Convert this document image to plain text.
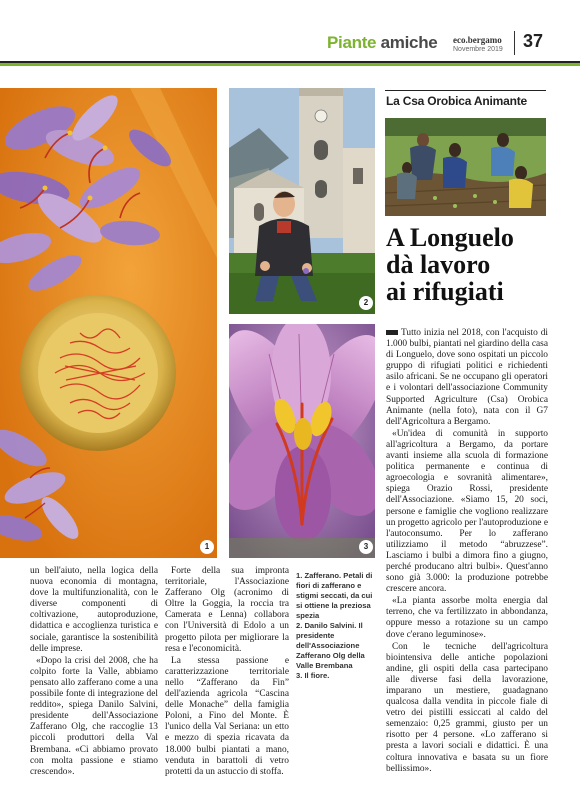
Piante amiche eco.bergamo
Novembre 2019 37
1
2
3
La Csa Orobica Animante
A Longuelo
dà lavoro
ai rifugiati

Tutto inizia nel 2018, con l'acquisto di 1.000 bulbi, piantati nel giardino della casa di Longuelo, dove sono ospitati un piccolo gruppo di rifugiati politici e richiedenti asilo africani. Se ne occupano gli operatori e i volontari dell'associazione Community Supported Agriculture (Csa) Orobica Animante (nella foto), nata con il G7 dell'Agricoltura a Bergamo.

«Un'idea di comunità in supporto all'agricoltura a Bergamo, da portare avanti insieme alla scuola di formazione politica permanente e continua di agroecologia e sovranità alimentare», spiega Orazio Rossi, presidente dell'Associazione. «Siamo 15, 20 soci, persone e famiglie che vogliono realizzare un progetto agricolo per l'autoproduzione e l'autoconsumo. Per lo zafferano utilizziamo il metodo “abruzzese”. Lasciamo i bulbi a dimora fino a giugno, perché producano altri bulbi». Quest'anno sono già 3.000: la produzione potrebbe crescere ancora.

«La pianta assorbe molta energia dal terreno, che va fertilizzato in abbondanza, oppure messo a rotazione su un campo dove c'erano leguminose».

Con le tecniche dell'agricoltura biointensiva delle antiche popolazioni andine, gli ospiti della casa partecipano alle diverse fasi della lavorazione, imparano un mestiere, guadagnano qualcosa dalla vendita in piccole fiale di vetro dei pistilli essiccati al caldo del semenzaio: 0,25 grammi, giusto per un risotto per 4 persone. «Lo zafferano si presta a lavori sociali e didattici. È una coltura innovativa e basata su un fiore bellissimo».

un bell'aiuto, nella logica della nuova economia di montagna, dove la multifunzionalità, con le diverse componenti di coltivazione, autoproduzione, didattica e accoglienza turistica e sociale, garantisce la sostenibilità delle imprese.

«Dopo la crisi del 2008, che ha colpito forte la Valle, abbiamo pensato allo zafferano come a una possibile fonte di integrazione del reddito», spiega Danilo Salvini, presidente dell'Associazione Zafferano Olg, che raccoglie 13 piccoli produttori della Val Brembana. «Ci abbiamo provato con molta passione e stiamo crescendo».

Forte della sua impronta territoriale, l'Associazione Zafferano Olg (acronimo di Oltre la Goggia, la roccia tra Camerata e Lenna) collabora con l'Università di Edolo a un progetto pilota per migliorare la resa e l'economicità.

La stessa passione e caratterizzazione territoriale nello “Zafferano da Fin” dell'azienda agricola “Cascina delle Monache” della famiglia Poloni, a Fino del Monte. È l'unico della Val Seriana: un etto e mezzo di spezia ricavata da 18.000 bulbi piantati a mano, venduta in barattoli di vetro protetti da un astuccio di stoffa.

1. Zafferano. Petali di fiori di zafferano e stigmi seccati, da cui si ottiene la preziosa spezia
2. Danilo Salvini. Il presidente dell'Associazione Zafferano Olg della Valle Brembana
3. Il fiore.
